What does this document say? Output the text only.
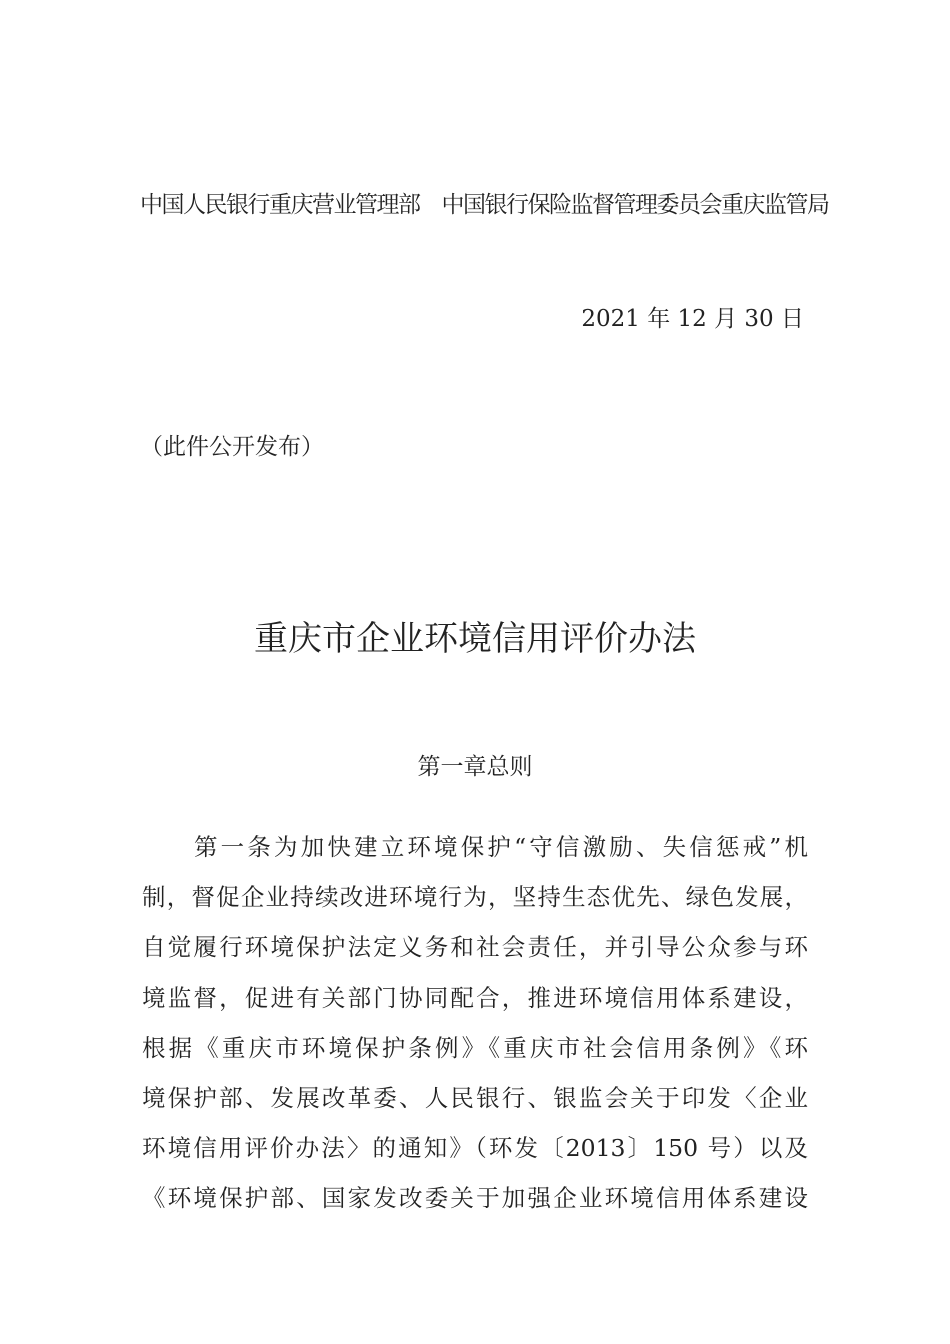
中国人民银行重庆营业管理部 中国银行保险监督管理委员会重庆监管局
2021 年 12 月 30 日
（此件公开发布）
重庆市企业环境信用评价办法
第一章总则
第一条为加快建立环境保护“守信激励、失信惩戒”机
制，督促企业持续改进环境行为，坚持生态优先、绿色发展，
自觉履行环境保护法定义务和社会责任，并引导公众参与环
境监督，促进有关部门协同配合，推进环境信用体系建设，
根据《重庆市环境保护条例》《重庆市社会信用条例》《环
境保护部、发展改革委、人民银行、银监会关于印发〈企业
环境信用评价办法〉的通知》（环发〔2013〕150 号）以及
《环境保护部、国家发改委关于加强企业环境信用体系建设
